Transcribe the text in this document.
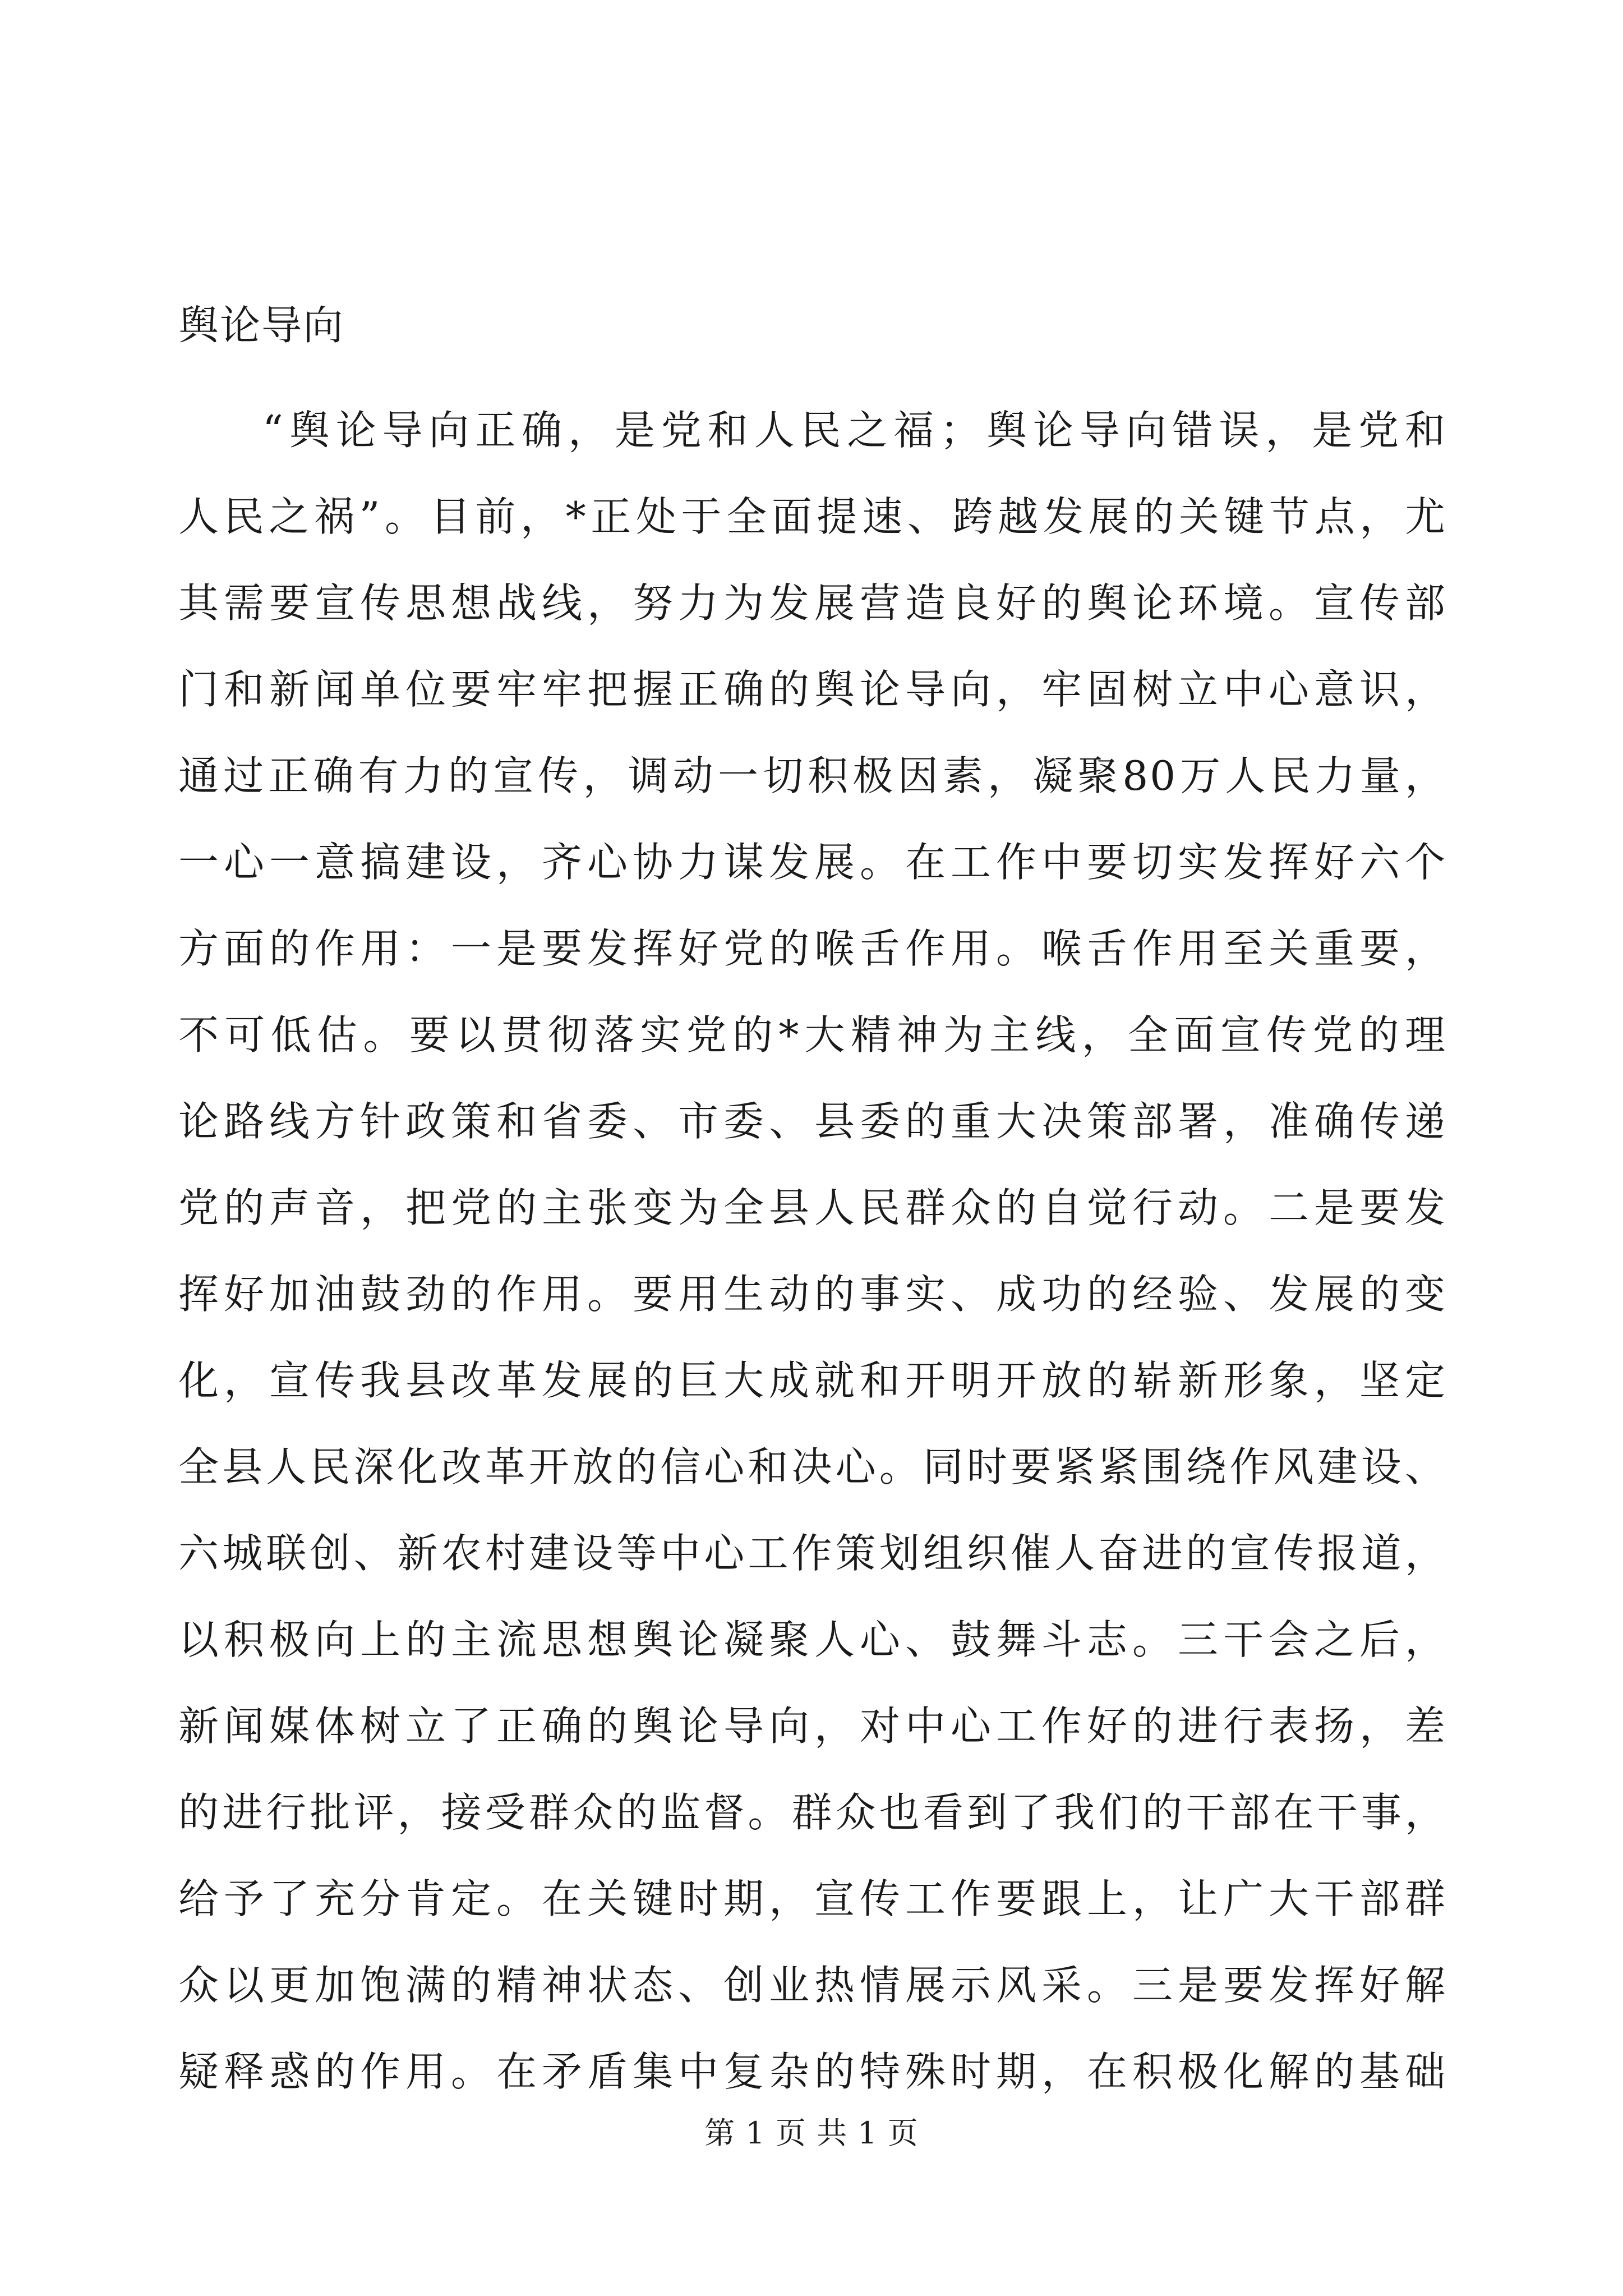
舆论导向
“舆论导向正确，是党和人民之福；舆论导向错误，是党和
人民之祸”。目前，*正处于全面提速、跨越发展的关键节点，尤
其需要宣传思想战线，努力为发展营造良好的舆论环境。宣传部
门和新闻单位要牢牢把握正确的舆论导向，牢固树立中心意识，
通过正确有力的宣传，调动一切积极因素，凝聚80万人民力量，
一心一意搞建设，齐心协力谋发展。在工作中要切实发挥好六个
方面的作用：一是要发挥好党的喉舌作用。喉舌作用至关重要，
不可低估。要以贯彻落实党的*大精神为主线，全面宣传党的理
论路线方针政策和省委、市委、县委的重大决策部署，准确传递
党的声音，把党的主张变为全县人民群众的自觉行动。二是要发
挥好加油鼓劲的作用。要用生动的事实、成功的经验、发展的变
化，宣传我县改革发展的巨大成就和开明开放的崭新形象，坚定
全县人民深化改革开放的信心和决心。同时要紧紧围绕作风建设、
六城联创、新农村建设等中心工作策划组织催人奋进的宣传报道，
以积极向上的主流思想舆论凝聚人心、鼓舞斗志。三干会之后，
新闻媒体树立了正确的舆论导向，对中心工作好的进行表扬，差
的进行批评，接受群众的监督。群众也看到了我们的干部在干事，
给予了充分肯定。在关键时期，宣传工作要跟上，让广大干部群
众以更加饱满的精神状态、创业热情展示风采。三是要发挥好解
疑释惑的作用。在矛盾集中复杂的特殊时期，在积极化解的基础
第 1 页 共 1 页
